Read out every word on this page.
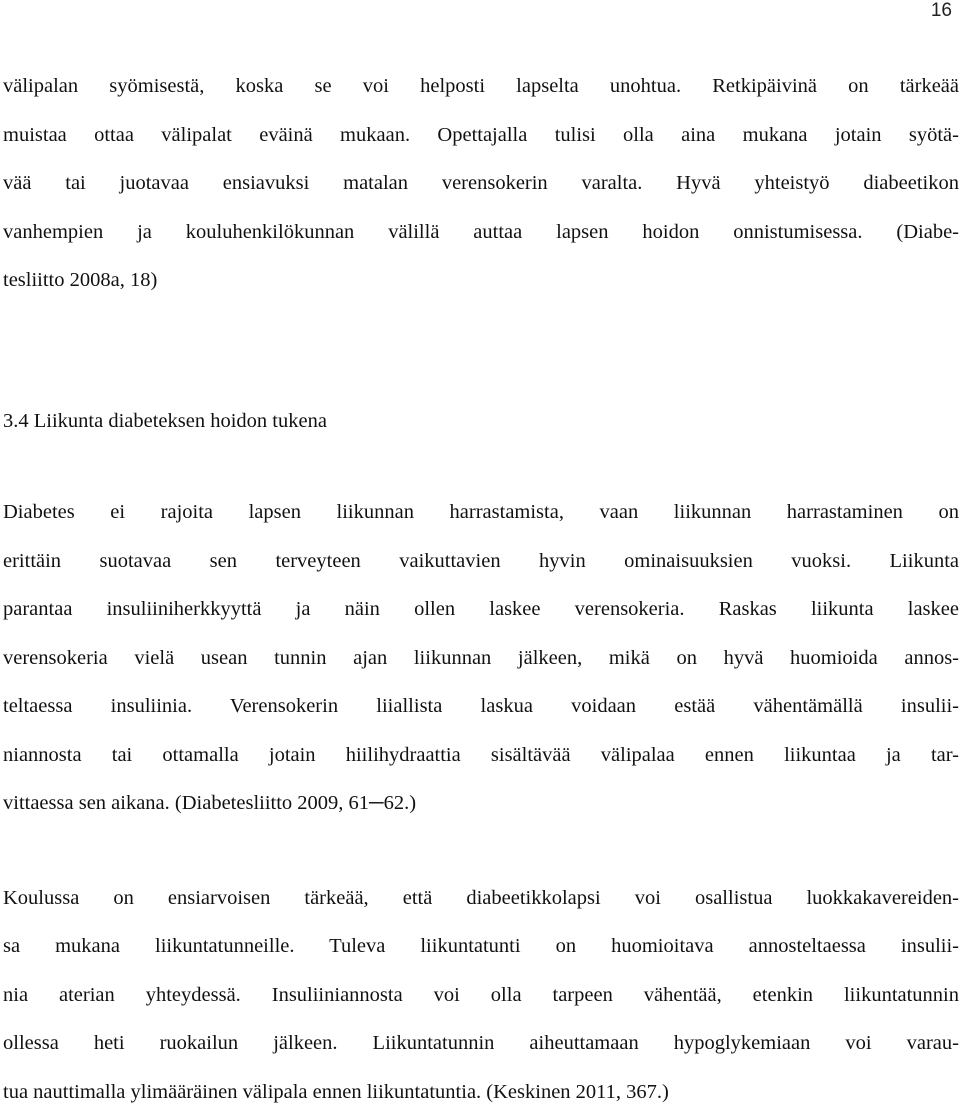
16
välipalan syömisestä, koska se voi helposti lapselta unohtua. Retkipäivinä on tärkeää
muistaa ottaa välipalat eväinä mukaan. Opettajalla tulisi olla aina mukana jotain syötä-
vää tai juotavaa ensiavuksi matalan verensokerin varalta. Hyvä yhteistyö diabeetikon
vanhempien ja kouluhenkilökunnan välillä auttaa lapsen hoidon onnistumisessa. (Diabe-
tesliitto 2008a, 18)
3.4 Liikunta diabeteksen hoidon tukena
Diabetes ei rajoita lapsen liikunnan harrastamista, vaan liikunnan harrastaminen on
erittäin suotavaa sen terveyteen vaikuttavien hyvin ominaisuuksien vuoksi. Liikunta
parantaa insuliiniherkkyyttä ja näin ollen laskee verensokeria. Raskas liikunta laskee
verensokeria vielä usean tunnin ajan liikunnan jälkeen, mikä on hyvä huomioida annos-
teltaessa insuliinia. Verensokerin liiallista laskua voidaan estää vähentämällä insulii-
niannosta tai ottamalla jotain hiilihydraattia sisältävää välipalaa ennen liikuntaa ja tar-
vittaessa sen aikana. (Diabetesliitto 2009, 61─62.)
Koulussa on ensiarvoisen tärkeää, että diabeetikkolapsi voi osallistua luokkakavereiden-
sa mukana liikuntatunneille. Tuleva liikuntatunti on huomioitava annosteltaessa insulii-
nia aterian yhteydessä. Insuliiniannosta voi olla tarpeen vähentää, etenkin liikuntatunnin
ollessa heti ruokailun jälkeen. Liikuntatunnin aiheuttamaan hypoglykemiaan voi varau-
tua nauttimalla ylimääräinen välipala ennen liikuntatuntia. (Keskinen 2011, 367.)
